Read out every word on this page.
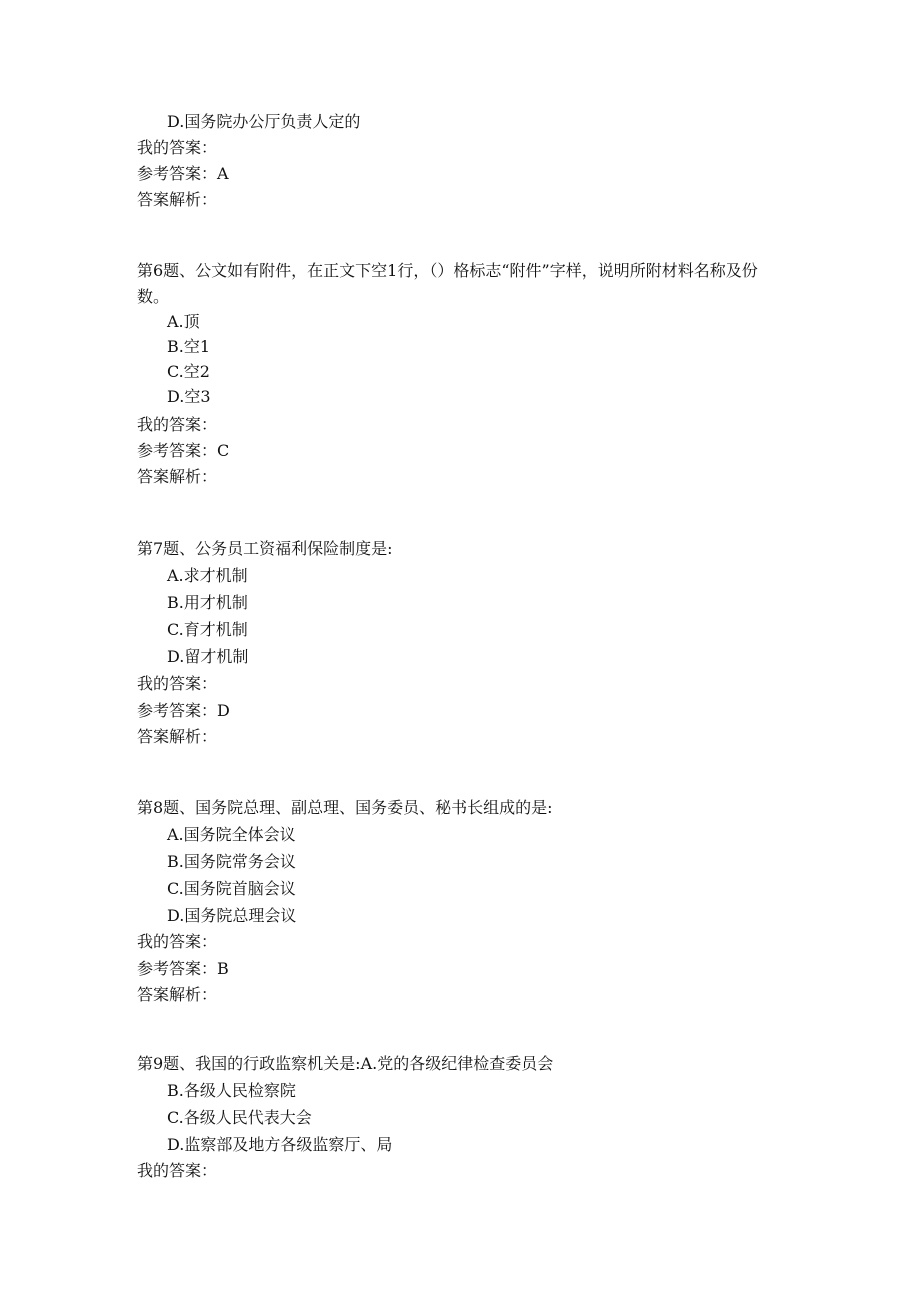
D.国务院办公厅负责人定的
我的答案：
参考答案：A
答案解析：
第6题、公文如有附件，在正文下空1行，（）格标志“附件”字样，说明所附材料名称及份数。
A.顶
B.空1
C.空2
D.空3
我的答案：
参考答案：C
答案解析：
第7题、公务员工资福利保险制度是:
A.求才机制
B.用才机制
C.育才机制
D.留才机制
我的答案：
参考答案：D
答案解析：
第8题、国务院总理、副总理、国务委员、秘书长组成的是:
A.国务院全体会议
B.国务院常务会议
C.国务院首脑会议
D.国务院总理会议
我的答案：
参考答案：B
答案解析：
第9题、我国的行政监察机关是:A.党的各级纪律检查委员会
B.各级人民检察院
C.各级人民代表大会
D.监察部及地方各级监察厅、局
我的答案：
